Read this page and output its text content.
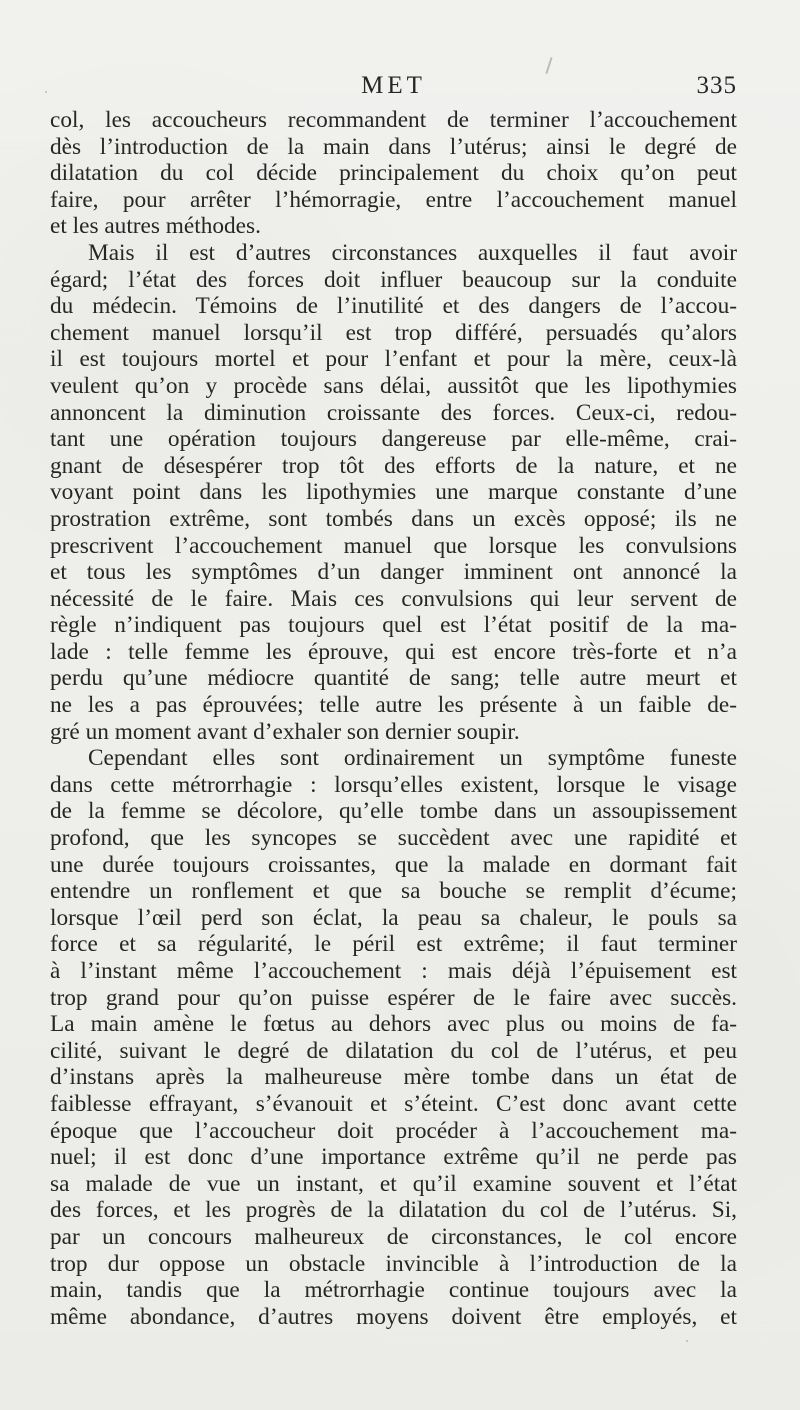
MET	335
col, les accoucheurs recommandent de terminer l’accouchement
dès l’introduction de la main dans l’utérus; ainsi le degré de
dilatation du col décide principalement du choix qu’on peut
faire, pour arrêter l’hémorragie, entre l’accouchement manuel
et les autres méthodes.
Mais il est d’autres circonstances auxquelles il faut avoir
égard; l’état des forces doit influer beaucoup sur la conduite
du médecin. Témoins de l’inutilité et des dangers de l’accou-
chement manuel lorsqu’il est trop différé, persuadés qu’alors
il est toujours mortel et pour l’enfant et pour la mère, ceux-là
veulent qu’on y procède sans délai, aussitôt que les lipothymies
annoncent la diminution croissante des forces. Ceux-ci, redou-
tant une opération toujours dangereuse par elle-même, crai-
gnant de désespérer trop tôt des efforts de la nature, et ne
voyant point dans les lipothymies une marque constante d’une
prostration extrême, sont tombés dans un excès opposé; ils ne
prescrivent l’accouchement manuel que lorsque les convulsions
et tous les symptômes d’un danger imminent ont annoncé la
nécessité de le faire. Mais ces convulsions qui leur servent de
règle n’indiquent pas toujours quel est l’état positif de la ma-
lade : telle femme les éprouve, qui est encore très-forte et n’a
perdu qu’une médiocre quantité de sang; telle autre meurt et
ne les a pas éprouvées; telle autre les présente à un faible de-
gré un moment avant d’exhaler son dernier soupir.
Cependant elles sont ordinairement un symptôme funeste
dans cette métrorrhagie : lorsqu’elles existent, lorsque le visage
de la femme se décolore, qu’elle tombe dans un assoupissement
profond, que les syncopes se succèdent avec une rapidité et
une durée toujours croissantes, que la malade en dormant fait
entendre un ronflement et que sa bouche se remplit d’écume;
lorsque l’œil perd son éclat, la peau sa chaleur, le pouls sa
force et sa régularité, le péril est extrême; il faut terminer
à l’instant même l’accouchement : mais déjà l’épuisement est
trop grand pour qu’on puisse espérer de le faire avec succès.
La main amène le fœtus au dehors avec plus ou moins de fa-
cilité, suivant le degré de dilatation du col de l’utérus, et peu
d’instans après la malheureuse mère tombe dans un état de
faiblesse effrayant, s’évanouit et s’éteint. C’est donc avant cette
époque que l’accoucheur doit procéder à l’accouchement ma-
nuel; il est donc d’une importance extrême qu’il ne perde pas
sa malade de vue un instant, et qu’il examine souvent et l’état
des forces, et les progrès de la dilatation du col de l’utérus. Si,
par un concours malheureux de circonstances, le col encore
trop dur oppose un obstacle invincible à l’introduction de la
main, tandis que la métrorrhagie continue toujours avec la
même abondance, d’autres moyens doivent être employés, et
